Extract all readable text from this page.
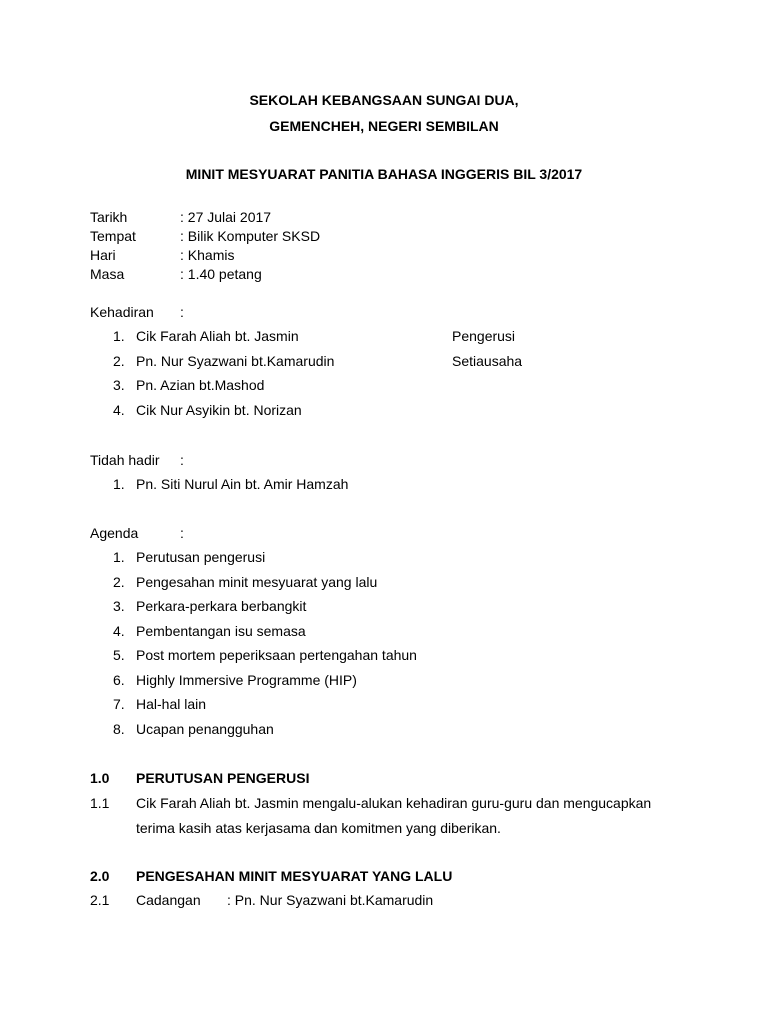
SEKOLAH KEBANGSAAN SUNGAI DUA,
GEMENCHEH, NEGERI SEMBILAN
MINIT MESYUARAT PANITIA BAHASA INGGERIS BIL 3/2017
Tarikh	: 27 Julai 2017
Tempat	: Bilik Komputer SKSD
Hari	: Khamis
Masa	: 1.40 petang
Kehadiran :
1. Cik Farah Aliah bt. Jasmin	Pengerusi
2. Pn. Nur Syazwani bt.Kamarudin	Setiausaha
3. Pn. Azian bt.Mashod
4. Cik Nur Asyikin bt. Norizan
Tidah hadir :
1. Pn. Siti Nurul Ain bt. Amir Hamzah
Agenda	:
1. Perutusan pengerusi
2. Pengesahan minit mesyuarat yang lalu
3. Perkara-perkara berbangkit
4. Pembentangan isu semasa
5. Post mortem peperiksaan pertengahan tahun
6. Highly Immersive Programme (HIP)
7. Hal-hal lain
8. Ucapan penangguhan
1.0 PERUTUSAN PENGERUSI
1.1 Cik Farah Aliah bt. Jasmin mengalu-alukan kehadiran guru-guru dan mengucapkan
terima kasih atas kerjasama dan komitmen yang diberikan.
2.0 PENGESAHAN MINIT MESYUARAT YANG LALU
2.1 Cadangan : Pn. Nur Syazwani bt.Kamarudin
